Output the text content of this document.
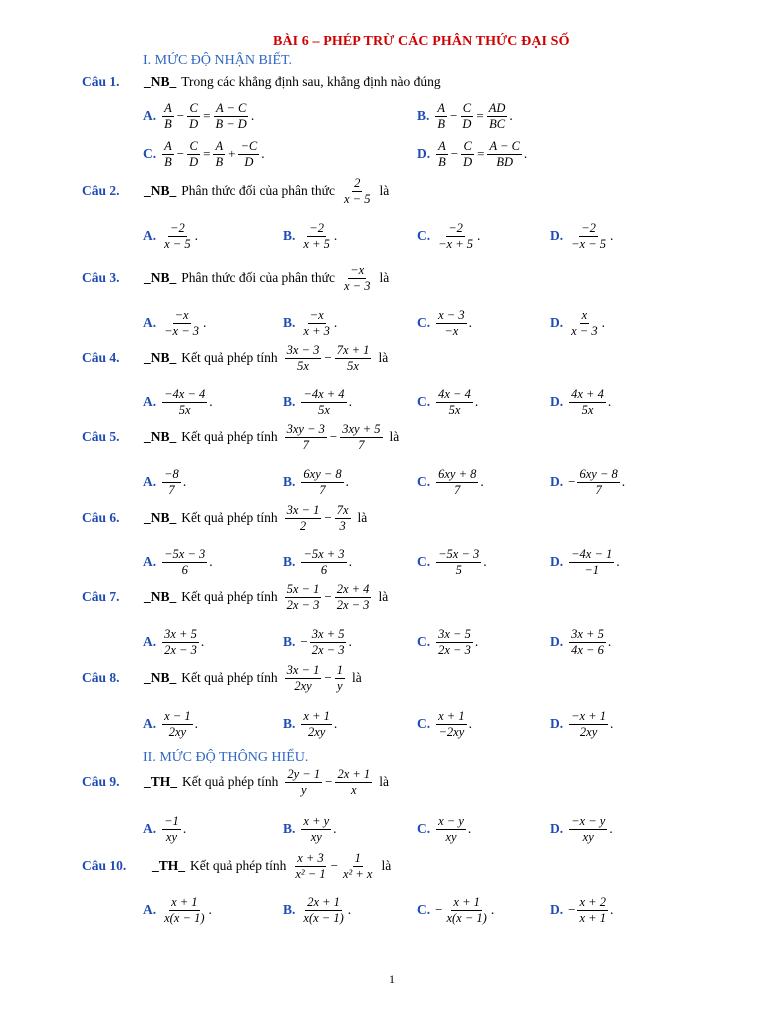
BÀI 6 – PHÉP TRỪ CÁC PHÂN THỨC ĐẠI SỐ
I. MỨC ĐỘ NHẬN BIẾT.
II. MỨC ĐỘ THÔNG HIỂU.
Câu 1.	_NB_ Trong các khẳng định sau, khẳng định nào đúng
A. $\frac{A}{B} - \frac{C}{D} = \frac{A - C}{B - D}$ .	B. $\frac{A}{B} - \frac{C}{D} = \frac{AD}{BC}$ .
C. $\frac{A}{B} - \frac{C}{D} = \frac{A}{B} + \frac{-C}{D}$ .	D. $\frac{A}{B} - \frac{C}{D} = \frac{A - C}{BD}$ .
Câu 2.	_NB_ Phân thức đối của phân thức $\frac{2}{x - 5}$ là
A. $\frac{-2}{x - 5}$ .	B. $\frac{-2}{x + 5}$ .	C. $\frac{-2}{-x + 5}$ .	D. $\frac{-2}{-x - 5}$ .
Câu 3.	_NB_ Phân thức đối của phân thức $\frac{-x}{x - 3}$ là
A. $\frac{-x}{-x - 3}$ .	B. $\frac{-x}{x + 3}$ .	C. $\frac{x - 3}{-x}$ .	D. $\frac{x}{x - 3}$ .
Câu 4.	_NB_ Kết quả phép tính $\frac{3x - 3}{5x} - \frac{7x + 1}{5x}$ là
A. $\frac{-4x - 4}{5x}$ .	B. $\frac{-4x + 4}{5x}$ .	C. $\frac{4x - 4}{5x}$ .	D. $\frac{4x + 4}{5x}$ .
Câu 5.	_NB_ Kết quả phép tính $\frac{3xy - 3}{7} - \frac{3xy + 5}{7}$ là
A. $\frac{-8}{7}$ .	B. $\frac{6xy - 8}{7}$ .	C. $\frac{6xy + 8}{7}$ .	D. − $\frac{6xy - 8}{7}$ .
Câu 6.	_NB_ Kết quả phép tính $\frac{3x - 1}{2} - \frac{7x}{3}$ là
A. $\frac{-5x - 3}{6}$ .	B. $\frac{-5x + 3}{6}$ .	C. $\frac{-5x - 3}{5}$ .	D. $\frac{-4x - 1}{-1}$ .
Câu 7.	_NB_ Kết quả phép tính $\frac{5x - 1}{2x - 3} - \frac{2x + 4}{2x - 3}$ là
A. $\frac{3x + 5}{2x - 3}$ .	B. − $\frac{3x + 5}{2x - 3}$ .	C. $\frac{3x - 5}{2x - 3}$ .	D. $\frac{3x + 5}{4x - 6}$ .
Câu 8.	_NB_ Kết quả phép tính $\frac{3x - 1}{2xy} - \frac{1}{y}$ là
A. $\frac{x - 1}{2xy}$ .	B. $\frac{x + 1}{2xy}$ .	C. $\frac{x + 1}{-2xy}$ .	D. $\frac{-x + 1}{2xy}$ .
Câu 9.	_TH_ Kết quả phép tính $\frac{2y - 1}{y} - \frac{2x + 1}{x}$ là
A. $\frac{-1}{xy}$ .	B. $\frac{x + y}{xy}$ .	C. $\frac{x - y}{xy}$ .	D. $\frac{-x - y}{xy}$ .
Câu 10.	_TH_ Kết quả phép tính $\frac{x + 3}{\text{x² − 1}} - \frac{1}{\text{x² + x}}$ là
A. $\frac{x + 1}{x(x - 1)}$ .	B. $\frac{2x + 1}{x(x - 1)}$ .	C. − $\frac{x + 1}{x(x - 1)}$ .	D. − $\frac{x + 2}{x + 1}$ .
1
